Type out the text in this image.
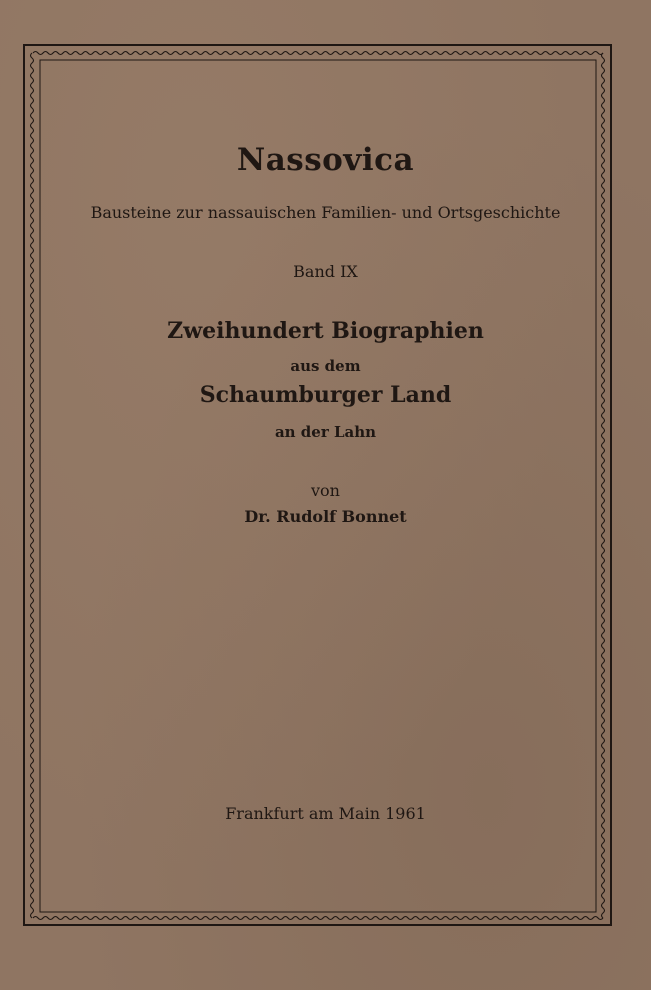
Nassovica
Bausteine zur nassauischen Familien- und Ortsgeschichte
Band IX
Zweihundert Biographien
aus dem
Schaumburger Land
an der Lahn
von
Dr. Rudolf Bonnet
Frankfurt am Main 1961
